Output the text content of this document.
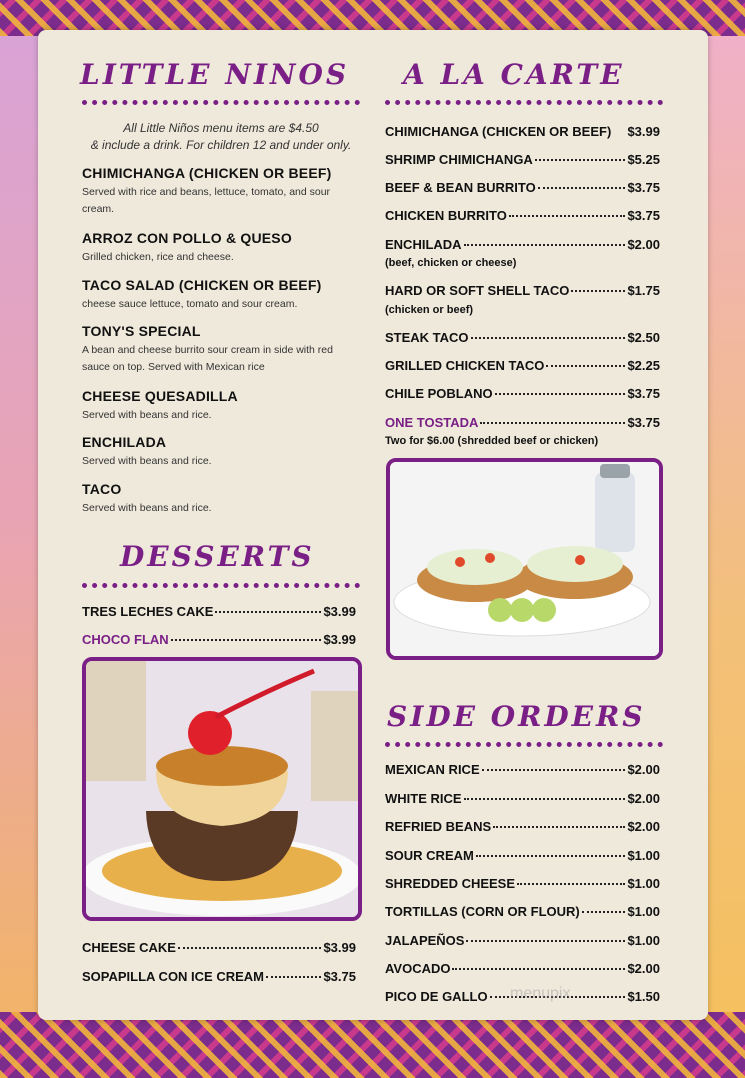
LITTLE NINOS
All Little Niños menu items are $4.50
& include a drink. For children 12 and under only.
CHIMICHANGA (CHICKEN OR BEEF)
Served with rice and beans, lettuce, tomato, and sour cream.
ARROZ CON POLLO & QUESO
Grilled chicken, rice and cheese.
TACO SALAD (CHICKEN OR BEEF)
cheese sauce lettuce, tomato and sour cream.
TONY'S SPECIAL
A bean and cheese burrito sour cream in side with red sauce on top. Served with Mexican rice
CHEESE QUESADILLA
Served with beans and rice.
ENCHILADA
Served with beans and rice.
TACO
Served with beans and rice.
DESSERTS
TRES LECHES CAKE	$3.99
CHOCO FLAN	$3.99
CHEESE CAKE	$3.99
SOPAPILLA CON ICE CREAM	$3.75
A LA CARTE
CHIMICHANGA (CHICKEN OR BEEF) $3.99
SHRIMP CHIMICHANGA	$5.25
BEEF & BEAN BURRITO	$3.75
CHICKEN BURRITO	$3.75
ENCHILADA	$2.00
(beef, chicken or cheese)
HARD OR SOFT SHELL TACO	$1.75
(chicken or beef)
STEAK TACO	$2.50
GRILLED CHICKEN TACO	$2.25
CHILE POBLANO	$3.75
ONE TOSTADA	$3.75
Two for $6.00 (shredded beef or chicken)
SIDE ORDERS
MEXICAN RICE	$2.00
WHITE RICE	$2.00
REFRIED BEANS	$2.00
SOUR CREAM	$1.00
SHREDDED CHEESE	$1.00
TORTILLAS (CORN OR FLOUR)	$1.00
JALAPEÑOS	$1.00
AVOCADO	$2.00
PICO DE GALLO	$1.50
menupix
